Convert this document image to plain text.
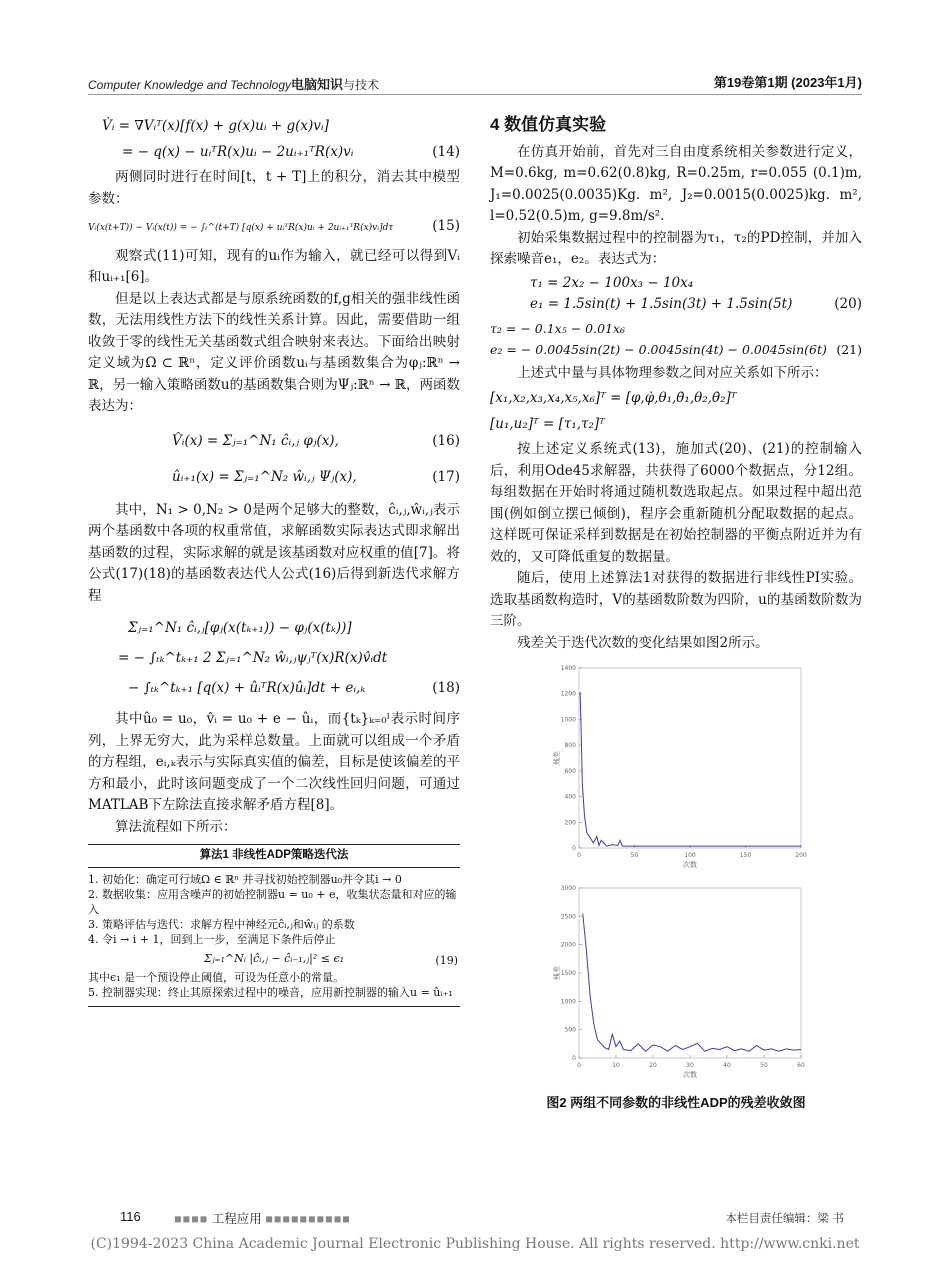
Computer Knowledge and Technology电脑知识与技术	第19卷第1期 (2023年1月)
V̇ᵢ = ∇Vᵢᵀ(x)[f(x) + g(x)uᵢ + g(x)vᵢ]
= − q(x) − uᵢᵀR(x)uᵢ − 2uᵢ₊₁ᵀR(x)vᵢ	(14)

两侧同时进行在时间[t，t + T]上的积分，消去其中模型参数：

Vᵢ(x(t+T)) − Vᵢ(x(t)) = − ∫ₜ^(t+T) [q(x) + uᵢᵀR(x)uᵢ + 2uᵢ₊₁ᵀR(x)vᵢ]dτ	(15)

观察式(11)可知，现有的uᵢ作为输入，就已经可以得到Vᵢ和uᵢ₊₁[6]。

但是以上表达式都是与原系统函数的f,g相关的强非线性函数，无法用线性方法下的线性关系计算。因此，需要借助一组收敛于零的线性无关基函数式组合映射来表达。下面给出映射定义域为Ω ⊂ ℝⁿ，定义评价函数uᵢ与基函数集合为φⱼ:ℝⁿ → ℝ，另一输入策略函数u的基函数集合则为Ψⱼ:ℝⁿ → ℝ，两函数表达为：

V̂ᵢ(x) = Σⱼ₌₁^N₁ ĉᵢ,ⱼ φⱼ(x),	(16)
ûᵢ₊₁(x) = Σⱼ₌₁^N₂ ŵᵢ,ⱼ Ψⱼ(x),	(17)

其中，N₁ > 0,N₂ > 0是两个足够大的整数，ĉᵢ,ⱼ,ŵᵢ,ⱼ表示两个基函数中各项的权重常值，求解函数实际表达式即求解出基函数的过程，实际求解的就是该基函数对应权重的值[7]。将公式(17)(18)的基函数表达代人公式(16)后得到新迭代求解方程

Σⱼ₌₁^N₁ ĉᵢ,ⱼ[φⱼ(x(tₖ₊₁)) − φⱼ(x(tₖ))]
= − ∫ₜₖ^tₖ₊₁ 2 Σⱼ₌₁^N₂ ŵᵢ,ⱼψⱼᵀ(x)R(x)v̂ᵢdt
− ∫ₜₖ^tₖ₊₁ [q(x) + ûᵢᵀR(x)ûᵢ]dt + eᵢ,ₖ	(18)

其中û₀ = u₀，v̂ᵢ = u₀ + e − ûᵢ，而{tₖ}ₖ₌₀ˡ表示时间序列，上界无穷大，此为采样总数量。上面就可以组成一个矛盾的方程组，eᵢ,ₖ表示与实际真实值的偏差，目标是使该偏差的平方和最小，此时该问题变成了一个二次线性回归问题，可通过MATLAB下左除法直接求解矛盾方程[8]。

算法流程如下所示：

算法1 非线性ADP策略迭代法

1. 初始化：确定可行域Ω ∈ ℝⁿ 并寻找初始控制器u₀并令其i → 0

2. 数据收集：应用含噪声的初始控制器u = u₀ + e，收集状态量和对应的输入

3. 策略评估与迭代：求解方程中神经元ĉᵢ,ⱼ和ŵᵢⱼ 的系数

4. 令i → i + 1，回到上一步，至满足下条件后停止

Σⱼ₌₁^Nᵢ |ĉᵢ,ⱼ − ĉᵢ₋₁,ⱼ|² ≤ ϵ₁	(19)

其中ϵ₁ 是一个预设停止阈值，可设为任意小的常量。

5. 控制器实现：终止其原探索过程中的噪音，应用新控制器的输入u = ûᵢ₊₁

4 数值仿真实验

在仿真开始前，首先对三自由度系统相关参数进行定义，M=0.6kg, m=0.62(0.8)kg, R=0.25m, r=0.055 (0.1)m, J₁=0.0025(0.0035)Kg. m², J₂=0.0015(0.0025)kg. m², l=0.52(0.5)m, g=9.8m/s².

初始采集数据过程中的控制器为τ₁，τ₂的PD控制，并加入探索噪音e₁，e₂。表达式为：

τ₁ = 2x₂ − 100x₃ − 10x₄
e₁ = 1.5sin(t) + 1.5sin(3t) + 1.5sin(5t)	(20)
τ₂ = − 0.1x₅ − 0.01x₆
e₂ = − 0.0045sin(2t) − 0.0045sin(4t) − 0.0045sin(6t) (21)

上述式中量与具体物理参数之间对应关系如下所示：

[x₁,x₂,x₃,x₄,x₅,x₆]ᵀ = [φ,φ̇,θ₁,θ̇₁,θ₂,θ̇₂]ᵀ
[u₁,u₂]ᵀ = [τ₁,τ₂]ᵀ

按上述定义系统式(13)，施加式(20)、(21)的控制输入后，利用Ode45求解器，共获得了6000个数据点，分12组。每组数据在开始时将通过随机数选取起点。如果过程中超出范围(例如倒立摆已倾倒)，程序会重新随机分配取数据的起点。这样既可保证采样到数据是在初始控制器的平衡点附近并为有效的，又可降低重复的数据量。

随后，使用上述算法1对获得的数据进行非线性PI实验。选取基函数构造时，V的基函数阶数为四阶，u的基函数阶数为三阶。

残差关于迭代次数的变化结果如图2所示。

0	50	100	150	200
0
200
400
600
800
1000
1200
1400
次数
残差
0	10	20	30	40	50	60
0
500
1000
1500
2000
2500
3000
次数
残差
图2 两组不同参数的非线性ADP的残差收敛图
116	■■■■ 工程应用 ■■■■■■■■■■	本栏目责任编辑：梁 书
(C)1994-2023 China Academic Journal Electronic Publishing House. All rights reserved. http://www.cnki.net
